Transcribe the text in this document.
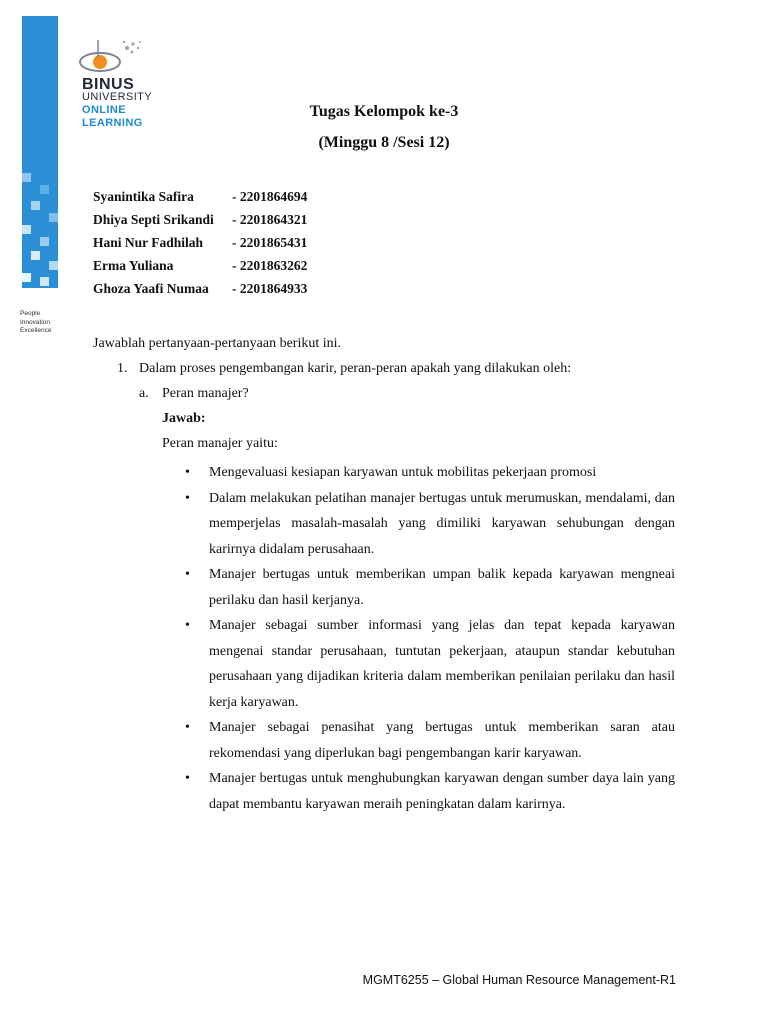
People
Innovation
Excellence
BINUS
UNIVERSITY
ONLINE
LEARNING
Tugas Kelompok ke-3
(Minggu 8 /Sesi 12)
Syanintika Safira	- 2201864694
Dhiya Septi Srikandi - 2201864321
Hani Nur Fadhilah - 2201865431
Erma Yuliana	- 2201863262
Ghoza Yaafi Numaa - 2201864933
Jawablah pertanyaan-pertanyaan berikut ini.
1. Dalam proses pengembangan karir, peran-peran apakah yang dilakukan oleh:
a. Peran manajer?
Jawab:
Peran manajer yaitu:
• Mengevaluasi kesiapan karyawan untuk mobilitas pekerjaan promosi
• Dalam melakukan pelatihan manajer bertugas untuk merumuskan, mendalami, dan memperjelas masalah-masalah yang dimiliki karyawan sehubungan dengan karirnya didalam perusahaan.
• Manajer bertugas untuk memberikan umpan balik kepada karyawan mengneai perilaku dan hasil kerjanya.
• Manajer sebagai sumber informasi yang jelas dan tepat kepada karyawan mengenai standar perusahaan, tuntutan pekerjaan, ataupun standar kebutuhan perusahaan yang dijadikan kriteria dalam memberikan penilaian perilaku dan hasil kerja karyawan.
• Manajer sebagai penasihat yang bertugas untuk memberikan saran atau rekomendasi yang diperlukan bagi pengembangan karir karyawan.
• Manajer bertugas untuk menghubungkan karyawan dengan sumber daya lain yang dapat membantu karyawan meraih peningkatan dalam karirnya.
MGMT6255 – Global Human Resource Management-R1
